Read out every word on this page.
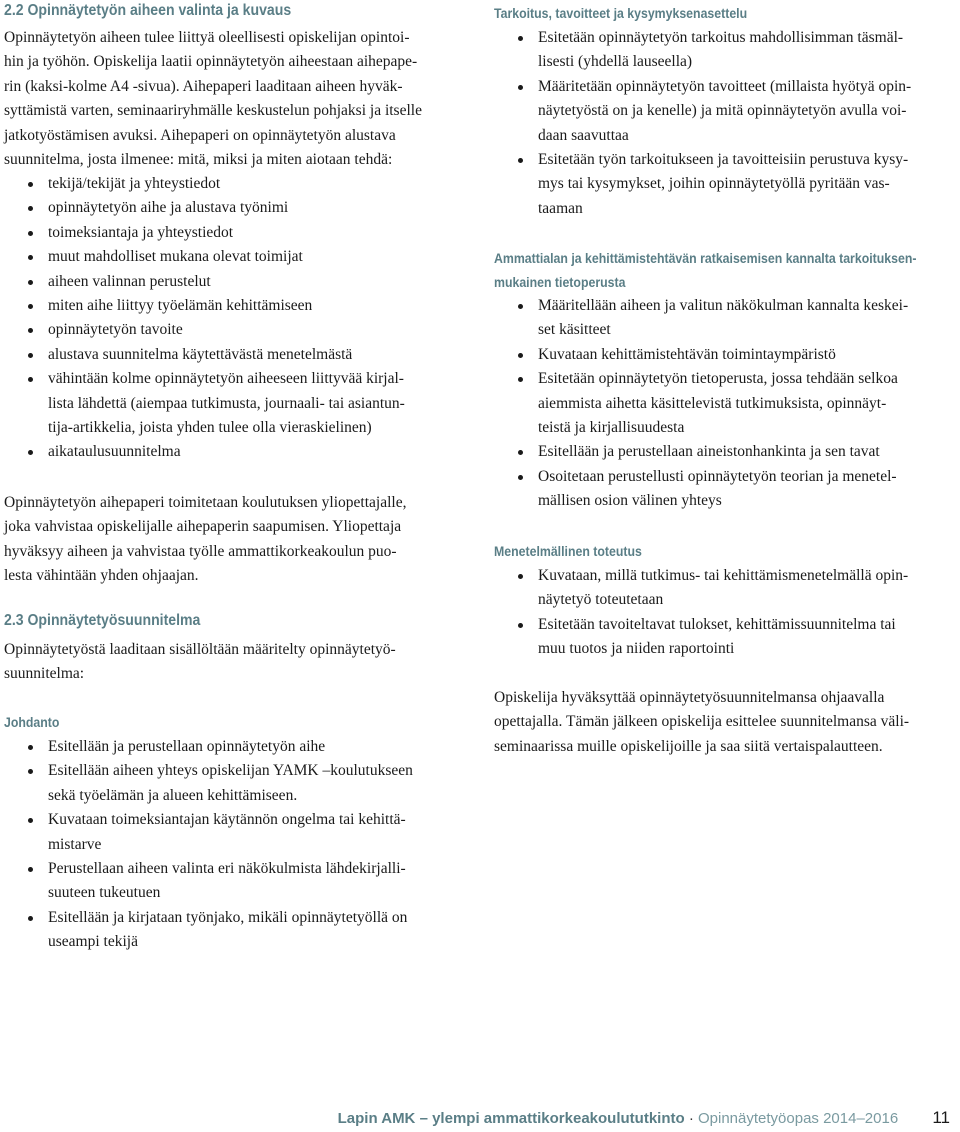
2.2 Opinnäytetyön aiheen valinta ja kuvaus
Opinnäytetyön aiheen tulee liittyä oleellisesti opiskelijan opintoi-
hin ja työhön. Opiskelija laatii opinnäytetyön aiheestaan aihepape-
rin (kaksi-kolme A4 -sivua). Aihepaperi laaditaan aiheen hyväk-
syttämistä varten, seminaariryhmälle keskustelun pohjaksi ja itselle
jatkotyöstämisen avuksi. Aihepaperi on opinnäytetyön alustava
suunnitelma, josta ilmenee: mitä, miksi ja miten aiotaan tehdä:
tekijä/tekijät ja yhteystiedot
opinnäytetyön aihe ja alustava työnimi
toimeksiantaja ja yhteystiedot
muut mahdolliset mukana olevat toimijat
aiheen valinnan perustelut
miten aihe liittyy työelämän kehittämiseen
opinnäytetyön tavoite
alustava suunnitelma käytettävästä menetelmästä
vähintään kolme opinnäytetyön aiheeseen liittyvää kirjal-
lista lähdettä (aiempaa tutkimusta, journaali- tai asiantun-
tija-artikkelia, joista yhden tulee olla vieraskielinen)
aikataulusuunnitelma
Opinnäytetyön aihepaperi toimitetaan koulutuksen yliopettajalle,
joka vahvistaa opiskelijalle aihepaperin saapumisen. Yliopettaja
hyväksyy aiheen ja vahvistaa työlle ammattikorkeakoulun puo-
lesta vähintään yhden ohjaajan.
2.3 Opinnäytetyösuunnitelma
Opinnäytetyöstä laaditaan sisällöltään määritelty opinnäytetyö-
suunnitelma:
Johdanto
Esitellään ja perustellaan opinnäytetyön aihe
Esitellään aiheen yhteys opiskelijan YAMK –koulutukseen
sekä työelämän ja alueen kehittämiseen.
Kuvataan toimeksiantajan käytännön ongelma tai kehittä-
mistarve
Perustellaan aiheen valinta eri näkökulmista lähdekirjalli-
suuteen tukeutuen
Esitellään ja kirjataan työnjako, mikäli opinnäytetyöllä on
useampi tekijä
Tarkoitus, tavoitteet ja kysymyksenasettelu
Esitetään opinnäytetyön tarkoitus mahdollisimman täsmäl-
lisesti (yhdellä lauseella)
Määritetään opinnäytetyön tavoitteet (millaista hyötyä opin-
näytetyöstä on ja kenelle) ja mitä opinnäytetyön avulla voi-
daan saavuttaa
Esitetään työn tarkoitukseen ja tavoitteisiin perustuva kysy-
mys tai kysymykset, joihin opinnäytetyöllä pyritään vas-
taaman
Ammattialan ja kehittämistehtävän ratkaisemisen kannalta tarkoituksen-
mukainen tietoperusta
Määritellään aiheen ja valitun näkökulman kannalta keskei-
set käsitteet
Kuvataan kehittämistehtävän toimintaympäristö
Esitetään opinnäytetyön tietoperusta, jossa tehdään selkoa
aiemmista aihetta käsittelevistä tutkimuksista, opinnäyt-
teistä ja kirjallisuudesta
Esitellään ja perustellaan aineistonhankinta ja sen tavat
Osoitetaan perustellusti opinnäytetyön teorian ja menetel-
mällisen osion välinen yhteys
Menetelmällinen toteutus
Kuvataan, millä tutkimus- tai kehittämismenetelmällä opin-
näytetyö toteutetaan
Esitetään tavoiteltavat tulokset, kehittämissuunnitelma tai
muu tuotos ja niiden raportointi
Opiskelija hyväksyttää opinnäytetyösuunnitelmansa ohjaavalla
opettajalla. Tämän jälkeen opiskelija esittelee suunnitelmansa väli-
seminaarissa muille opiskelijoille ja saa siitä vertaispalautteen.
Lapin AMK – ylempi ammattikorkeakoulututkinto · Opinnäytetyöopas 2014–2016 11
